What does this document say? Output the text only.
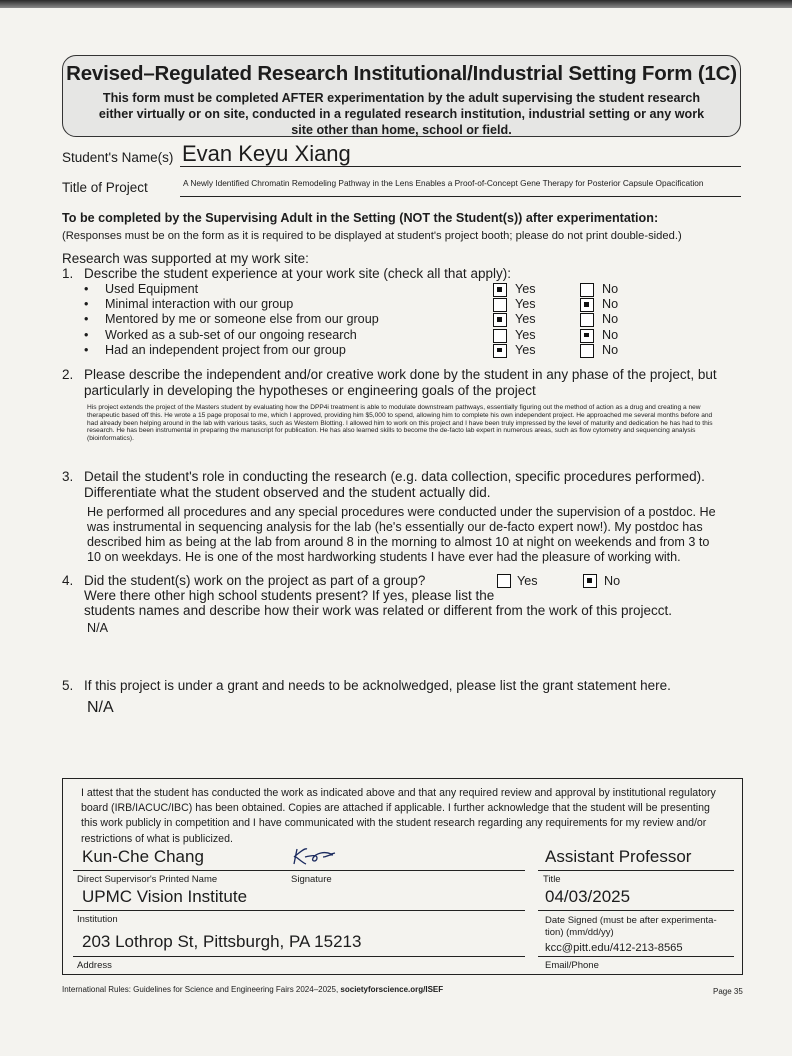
Revised–Regulated Research Institutional/Industrial Setting Form (1C)
This form must be completed AFTER experimentation by the adult supervising the student research either virtually or on site, conducted in a regulated research institution, industrial setting or any work site other than home, school or field.
Student's Name(s) Evan Keyu Xiang
Title of Project	A Newly Identified Chromatin Remodeling Pathway in the Lens Enables a Proof-of-Concept Gene Therapy for Posterior Capsule Opacification
To be completed by the Supervising Adult in the Setting (NOT the Student(s)) after experimentation:
(Responses must be on the form as it is required to be displayed at student's project booth; please do not print double-sided.)
Research was supported at my work site:
1. Describe the student experience at your work site (check all that apply):
• Used Equipment	Yes	No
• Minimal interaction with our group	Yes	No
• Mentored by me or someone else from our group	Yes	No
• Worked as a sub-set of our ongoing research	Yes	No
• Had an independent project from our group	Yes	No
2. Please describe the independent and/or creative work done by the student in any phase of the project, but
particularly in developing the hypotheses or engineering goals of the project
His project extends the project of the Masters student by evaluating how the DPP4i treatment is able to modulate downstream pathways, essentially figuring out the method of action as a drug and creating a new therapeutic based off this. He wrote a 15 page proposal to me, which I approved, providing him $5,000 to spend, allowing him to complete his own independent project. He approached me several months before and had already been helping around in the lab with various tasks, such as Western Blotting. I allowed him to work on this project and I have been truly impressed by the level of maturity and dedication he has had to this research. He has been instrumental in preparing the manuscript for publication. He has also learned skills to become the de-facto lab expert in numerous areas, such as flow cytometry and sequencing analysis (bioinformatics).
3. Detail the student's role in conducting the research (e.g. data collection, specific procedures performed).
Differentiate what the student observed and the student actually did.
He performed all procedures and any special procedures were conducted under the supervision of a postdoc. He was instrumental in sequencing analysis for the lab (he's essentially our de-facto expert now!). My postdoc has described him as being at the lab from around 8 in the morning to almost 10 at night on weekends and from 3 to 10 on weekdays. He is one of the most hardworking students I have ever had the pleasure of working with.
4. Did the student(s) work on the project as part of a group?	Yes	No
Were there other high school students present? If yes, please list the
students names and describe how their work was related or different from the work of this projecct.
N/A
5. If this project is under a grant and needs to be acknolwedged, please list the grant statement here.
N/A
I attest that the student has conducted the work as indicated above and that any required review and approval by institutional regulatory board (IRB/IACUC/IBC) has been obtained. Copies are attached if applicable. I further acknowledge that the student will be presenting this work publicly in competition and I have communicated with the student research regarding any requirements for my review and/or restrictions of what is publicized.
Kun-Che Chang
Direct Supervisor's Printed Name	Signature
Assistant Professor
Title
UPMC Vision Institute
Institution
04/03/2025
Date Signed (must be after experimenta-
tion) (mm/dd/yy)
203 Lothrop St, Pittsburgh, PA 15213
Address
kcc@pitt.edu/412-213-8565
Email/Phone
International Rules: Guidelines for Science and Engineering Fairs 2024–2025, societyforscience.org/ISEF	Page 35
